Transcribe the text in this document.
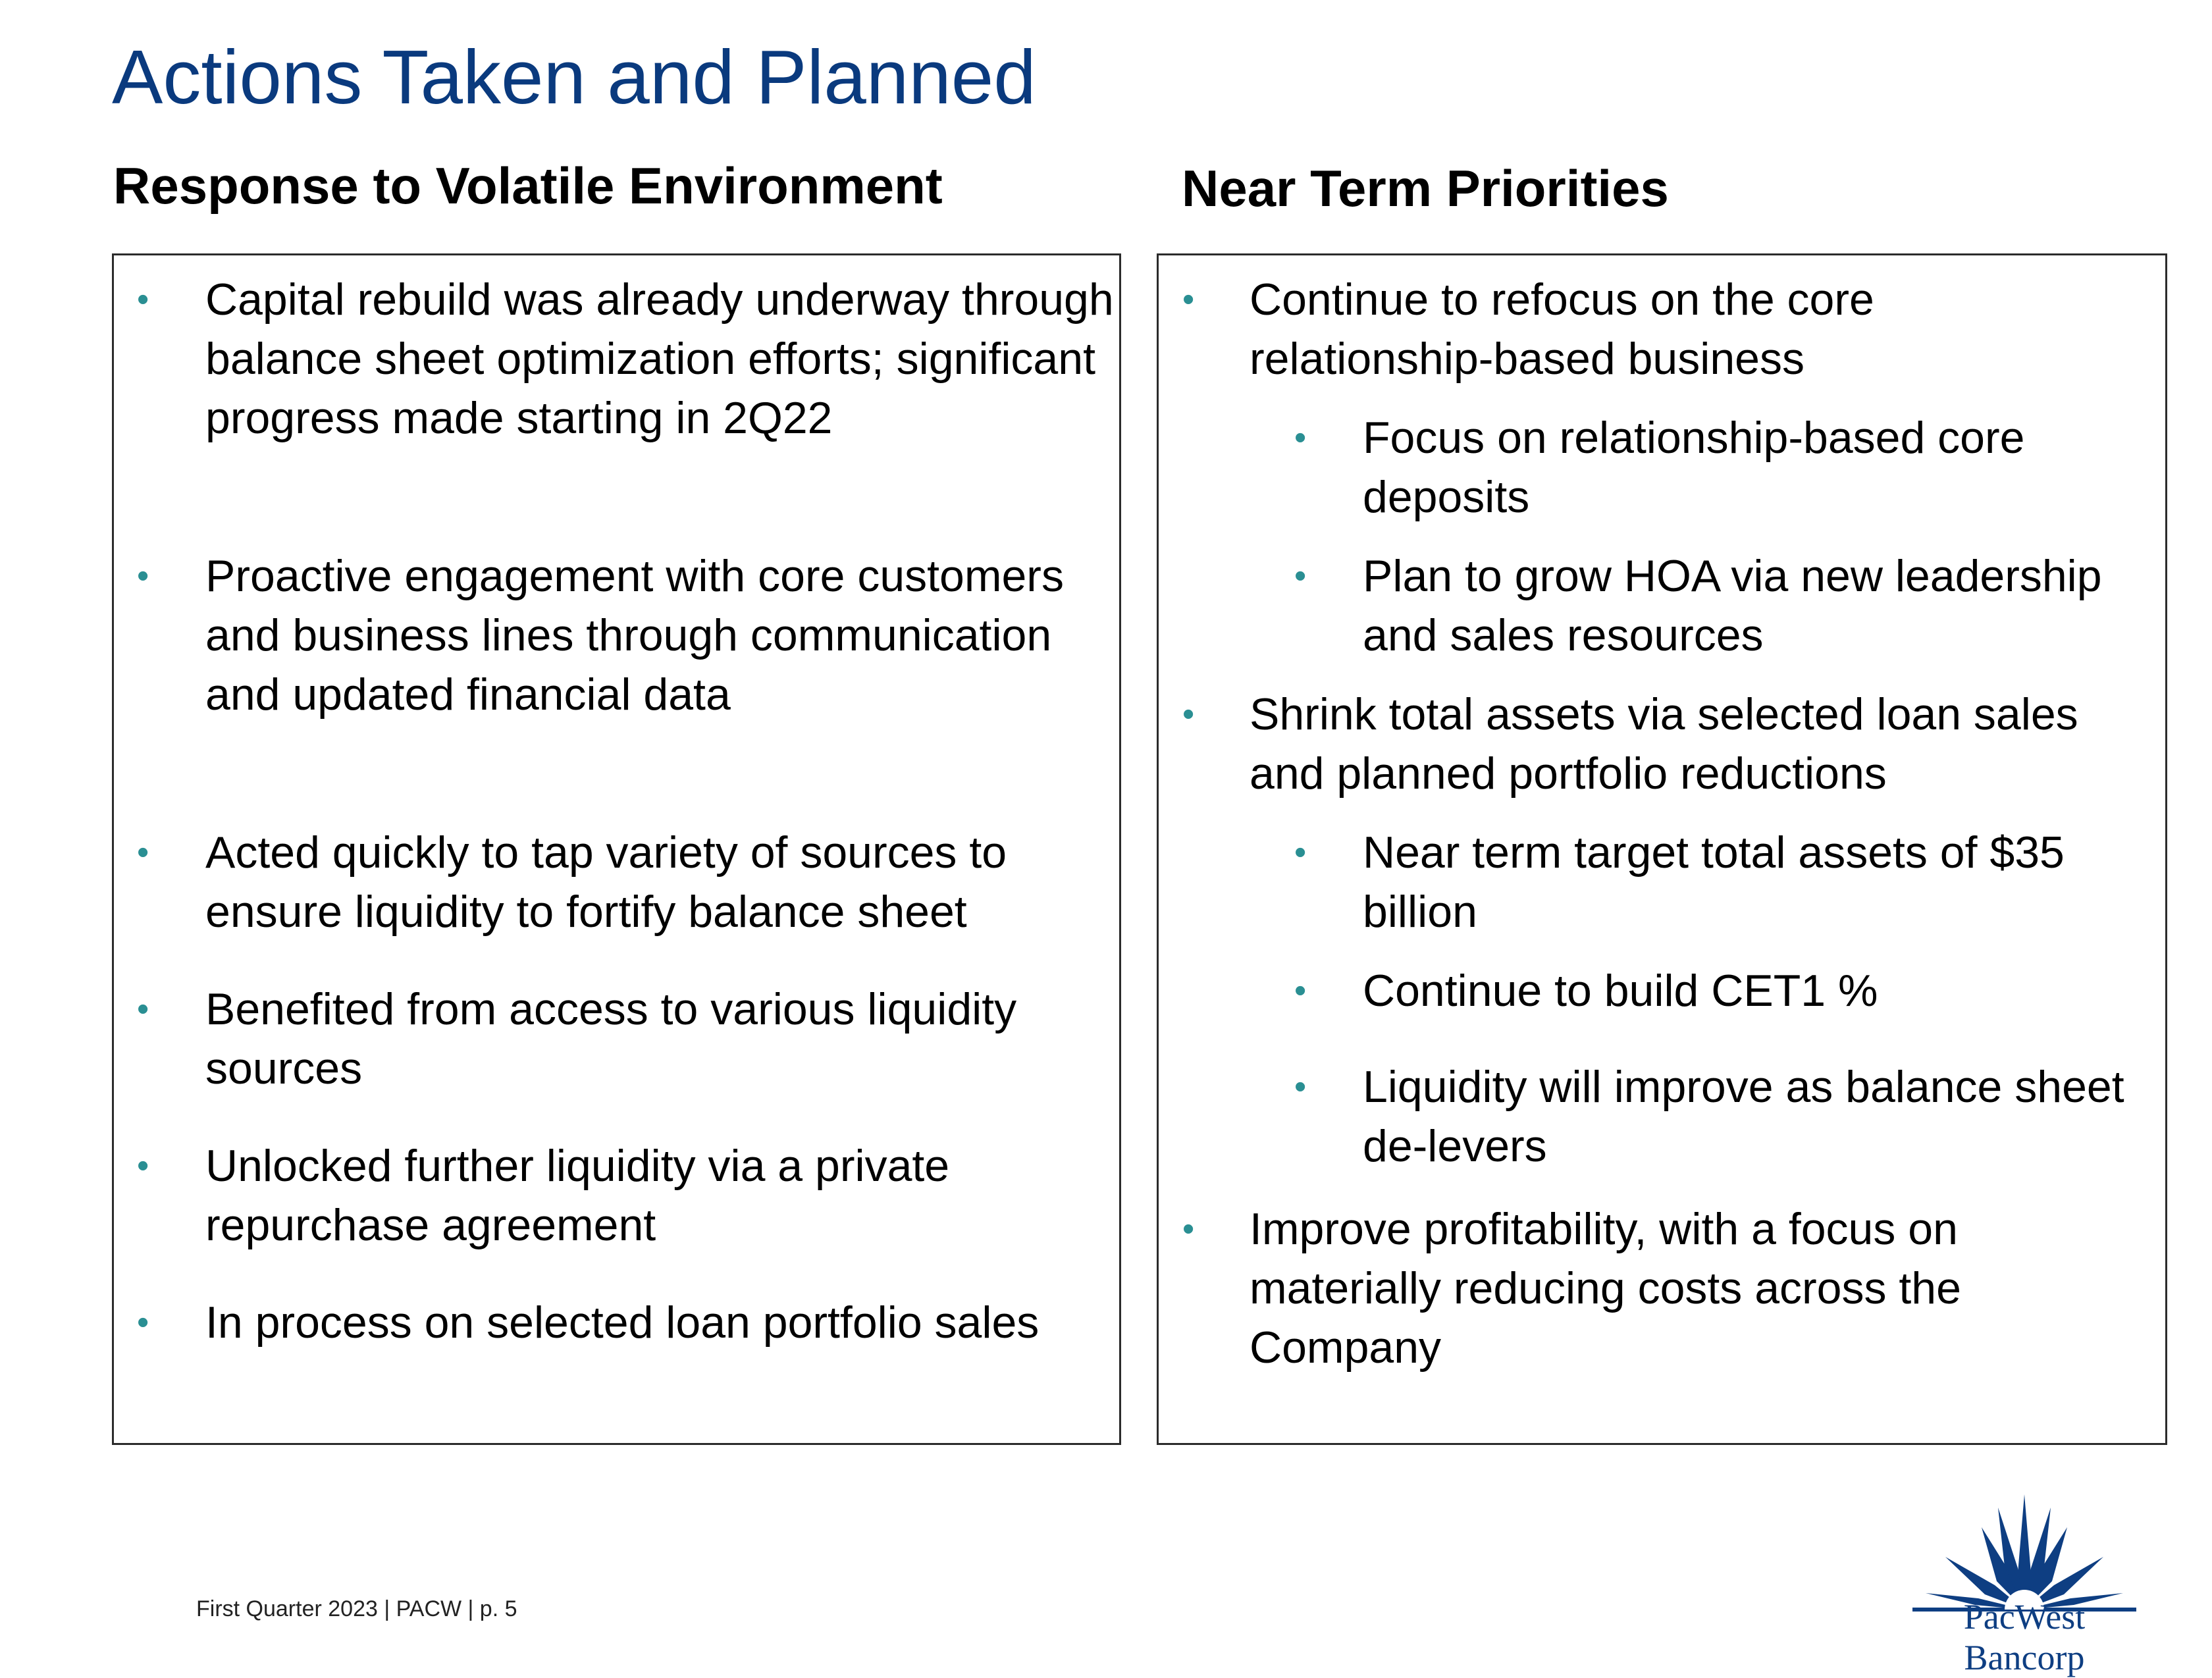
Actions Taken and Planned
Response to Volatile Environment	Near Term Priorities
• Capital rebuild was already underway through balance sheet optimization efforts; significant progress made starting in 2Q22
• Proactive engagement with core customers and business lines through communication and updated financial data
• Acted quickly to tap variety of sources to ensure liquidity to fortify balance sheet
• Benefited from access to various liquidity sources
• Unlocked further liquidity via a private repurchase agreement
• In process on selected loan portfolio sales
• Continue to refocus on the core relationship-based business
• Focus on relationship-based core deposits
• Plan to grow HOA via new leadership and sales resources
• Shrink total assets via selected loan sales and planned portfolio reductions
• Near term target total assets of $35 billion
• Continue to build CET1 %
• Liquidity will improve as balance sheet de-levers
• Improve profitability, with a focus on materially reducing costs across the Company
First Quarter 2023 | PACW | p. 5	PacWest Bancorp
